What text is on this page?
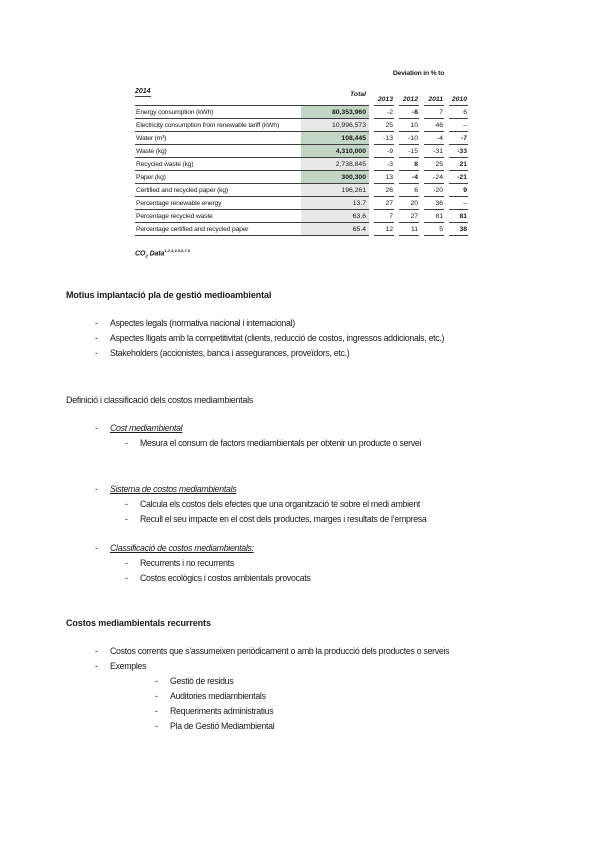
Deviation in % to
2014	Total
2013	2012	2011	2010
Energy consumption (kWh)	80,353,960	-2	-8	7	6
Electricity consumption from renewable tariff (kWh)	10,996,573	25	10	46	–
Water (m³)	108,445	-13	-10	-4	-7
Waste (kg)	4,310,000	-9	-15	-31	-33
Recycled waste (kg)	2,738,845	-3	8	25	21
Paper (kg)	300,300	13	-4	-24	-21
Certified and recycled paper (kg)	196,261	26	6	-20	9
Percentage renewable energy	13.7	27	20	36	–
Percentage recycled waste	63.6	7	27	81	81
Percentage certified and recycled paper	65.4	12	11	5	38
$CO_2$ Data$^{1,2,3,4,5,6,7,8}$
Motius implantació pla de gestió medioambiental
-	Aspectes legals (normativa nacional i internacional)
-	Aspectes lligats amb la competitivitat (clients, reducció de costos, ingressos addicionals, etc.)
-	Stakeholders (accionistes, banca i assegurances, proveïdors, etc.)
Definició i classificació dels costos mediambientals
-	Cost mediambiental
-	Mesura el consum de factors mediambientals per obtenir un producte o servei
-	Sistema de costos mediambientals
-	Calcula els costos dels efectes que una organització té sobre el medi ambient
-	Recull el seu impacte en el cost dels productes, marges i resultats de l’empresa
-	Classificació de costos mediambientals:
-	Recurrents i no recurrents
-	Costos ecològics i costos ambientals provocats
Costos mediambientals recurrents
-	Costos corrents que s’assumeixen periòdicament o amb la producció dels productes o serveis
-	Exemples
-	Gestió de residus
-	Auditories mediambientals
-	Requeriments administratius
-	Pla de Gestió Mediambiental
